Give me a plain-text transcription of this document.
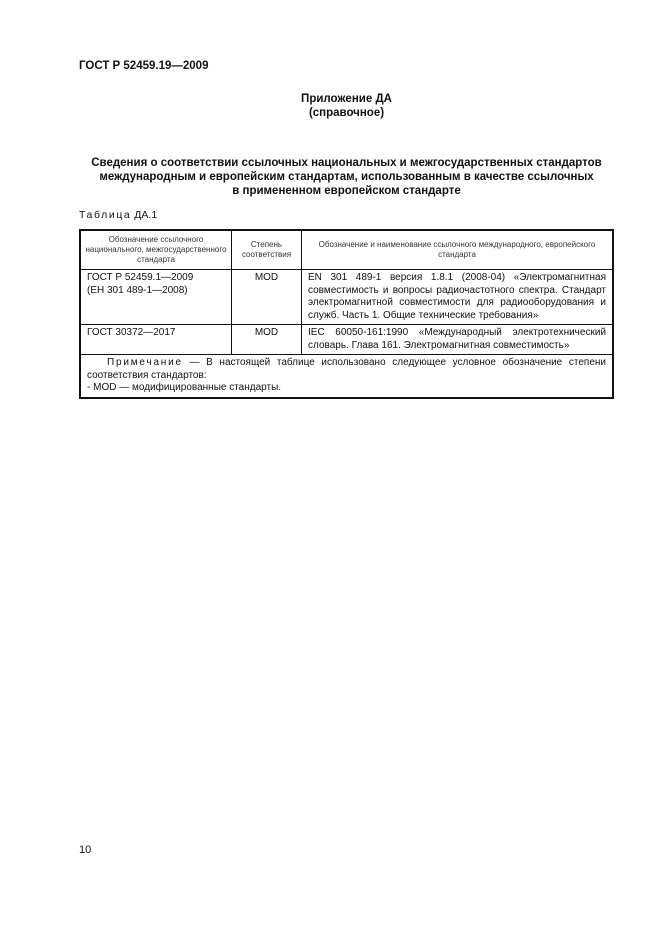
ГОСТ Р 52459.19—2009
Приложение ДА
(справочное)
Сведения о соответствии ссылочных национальных и межгосударственных стандартов
международным и европейским стандартам, использованным в качестве ссылочных
в примененном европейском стандарте
Таблица ДА.1
Обозначение ссылочного национального, межгосударственного стандарта	Степень соответствия	Обозначение и наименование ссылочного международного, европейского стандарта

ГОСТ Р 52459.1—2009
(ЕН 301 489-1—2008)	MOD	EN 301 489-1 версия 1.8.1 (2008-04) «Электромагнитная совместимость и вопросы радиочастотного спектра. Стандарт электромагнитной совместимости для радиооборудования и служб. Часть 1. Общие технические требования»

ГОСТ 30372—2017	MOD	IEC 60050-161:1990 «Международный электротехнический словарь. Глава 161. Электромагнитная совместимость»

Примечание — В настоящей таблице использовано следующее условное обозначение степени соответствия стандартов:
- MOD — модифицированные стандарты.		
10
